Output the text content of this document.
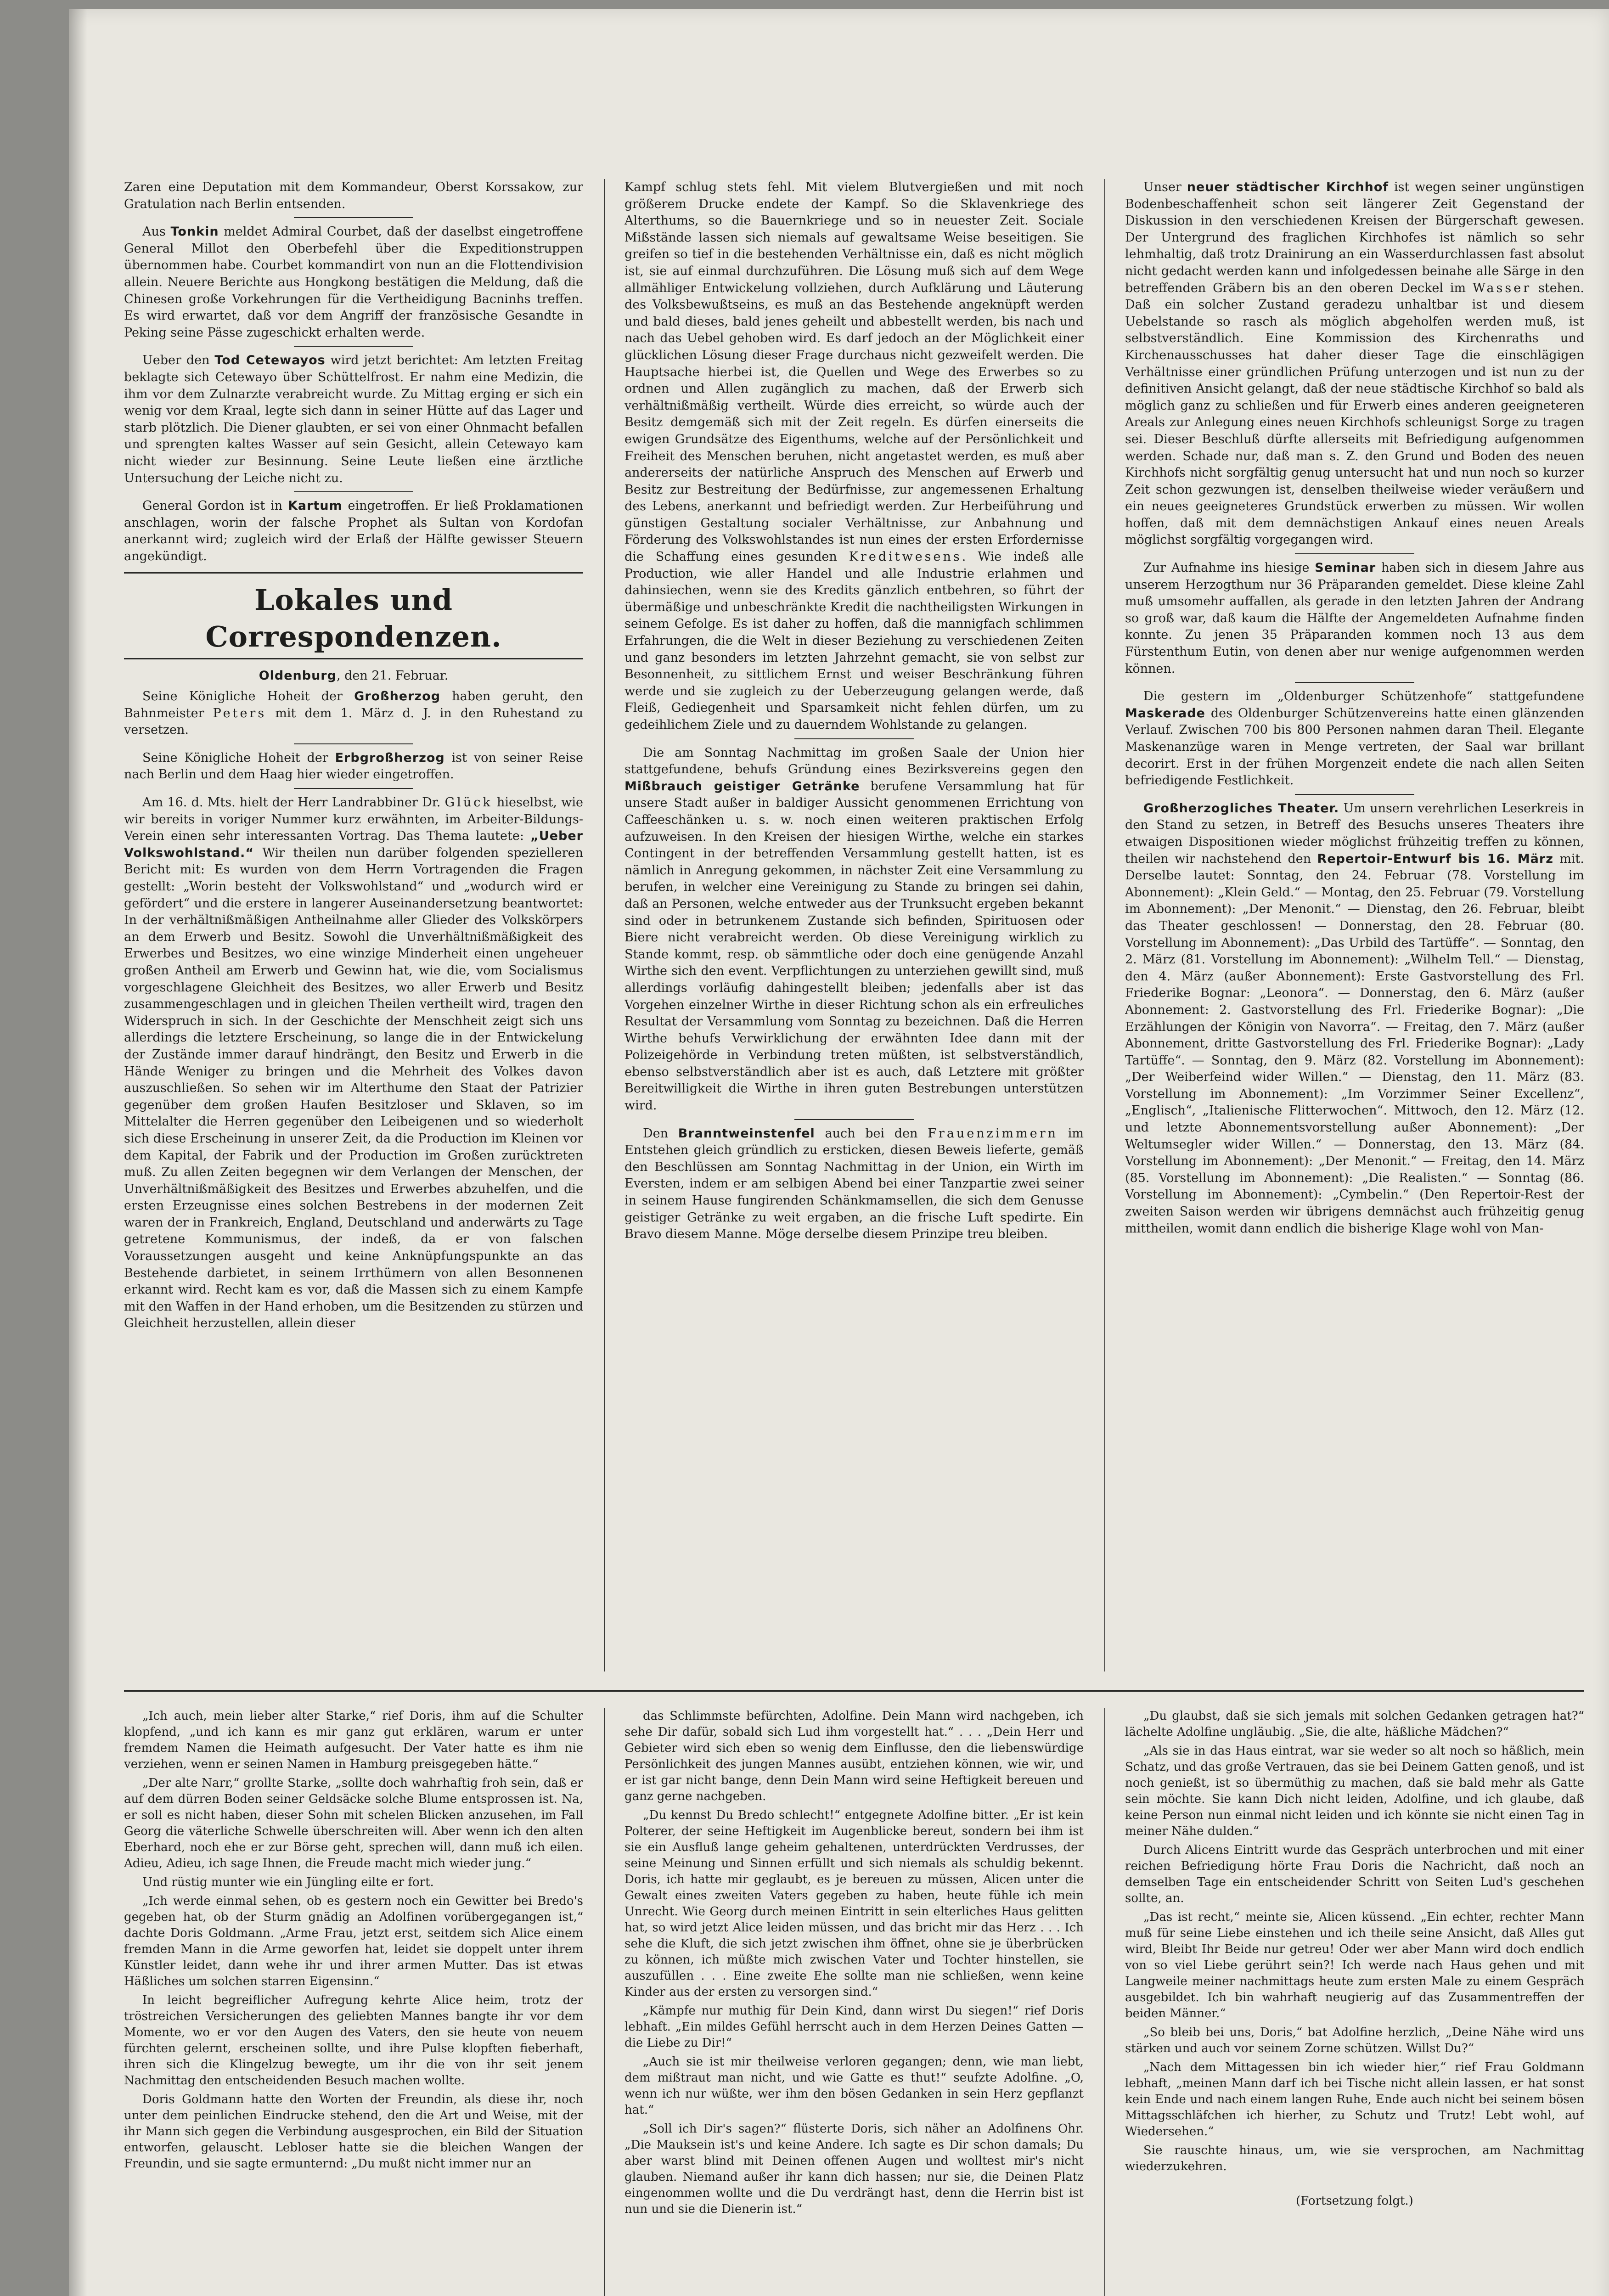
Zaren eine Deputation mit dem Kommandeur, Oberst Korssakow, zur Gratulation nach Berlin entsenden.

Aus Tonkin meldet Admiral Courbet, daß der daselbst eingetroffene General Millot den Oberbefehl über die Expeditionstruppen übernommen habe. Courbet kommandirt von nun an die Flottendivision allein. Neuere Berichte aus Hongkong bestätigen die Meldung, daß die Chinesen große Vorkehrungen für die Vertheidigung Bacninhs treffen. Es wird erwartet, daß vor dem Angriff der französische Gesandte in Peking seine Pässe zugeschickt erhalten werde.

Ueber den Tod Cetewayos wird jetzt berichtet: Am letzten Freitag beklagte sich Cetewayo über Schüttelfrost. Er nahm eine Medizin, die ihm vor dem Zulnarzte verabreicht wurde. Zu Mittag erging er sich ein wenig vor dem Kraal, legte sich dann in seiner Hütte auf das Lager und starb plötzlich. Die Diener glaubten, er sei von einer Ohnmacht befallen und sprengten kaltes Wasser auf sein Gesicht, allein Cetewayo kam nicht wieder zur Besinnung. Seine Leute ließen eine ärztliche Untersuchung der Leiche nicht zu.

General Gordon ist in Kartum eingetroffen. Er ließ Proklamationen anschlagen, worin der falsche Prophet als Sultan von Kordofan anerkannt wird; zugleich wird der Erlaß der Hälfte gewisser Steuern angekündigt.

Lokales und Correspondenzen.

Oldenburg, den 21. Februar.

Seine Königliche Hoheit der Großherzog haben geruht, den Bahnmeister Peters mit dem 1. März d. J. in den Ruhestand zu versetzen.

Seine Königliche Hoheit der Erbgroßherzog ist von seiner Reise nach Berlin und dem Haag hier wieder eingetroffen.

Am 16. d. Mts. hielt der Herr Landrabbiner Dr. Glück hieselbst, wie wir bereits in voriger Nummer kurz erwähnten, im Arbeiter-Bildungs-Verein einen sehr interessanten Vortrag. Das Thema lautete: „Ueber Volkswohlstand.“ Wir theilen nun darüber folgenden spezielleren Bericht mit: Es wurden von dem Herrn Vortragenden die Fragen gestellt: „Worin besteht der Volkswohlstand“ und „wodurch wird er gefördert“ und die erstere in langerer Auseinandersetzung beantwortet: In der verhältnißmäßigen Antheilnahme aller Glieder des Volkskörpers an dem Erwerb und Besitz. Sowohl die Unverhältnißmäßigkeit des Erwerbes und Besitzes, wo eine winzige Minderheit einen ungeheuer großen Antheil am Erwerb und Gewinn hat, wie die, vom Socialismus vorgeschlagene Gleichheit des Besitzes, wo aller Erwerb und Besitz zusammengeschlagen und in gleichen Theilen vertheilt wird, tragen den Widerspruch in sich. In der Geschichte der Menschheit zeigt sich uns allerdings die letztere Erscheinung, so lange die in der Entwickelung der Zustände immer darauf hindrängt, den Besitz und Erwerb in die Hände Weniger zu bringen und die Mehrheit des Volkes davon auszuschließen. So sehen wir im Alterthume den Staat der Patrizier gegenüber dem großen Haufen Besitzloser und Sklaven, so im Mittelalter die Herren gegenüber den Leibeigenen und so wiederholt sich diese Erscheinung in unserer Zeit, da die Production im Kleinen vor dem Kapital, der Fabrik und der Production im Großen zurücktreten muß. Zu allen Zeiten begegnen wir dem Verlangen der Menschen, der Unverhältnißmäßigkeit des Besitzes und Erwerbes abzuhelfen, und die ersten Erzeugnisse eines solchen Bestrebens in der modernen Zeit waren der in Frankreich, England, Deutschland und anderwärts zu Tage getretene Kommunismus, der indeß, da er von falschen Voraussetzungen ausgeht und keine Anknüpfungspunkte an das Bestehende darbietet, in seinem Irrthümern von allen Besonnenen erkannt wird. Recht kam es vor, daß die Massen sich zu einem Kampfe mit den Waffen in der Hand erhoben, um die Besitzenden zu stürzen und Gleichheit herzustellen, allein dieser

Kampf schlug stets fehl. Mit vielem Blutvergießen und mit noch größerem Drucke endete der Kampf. So die Sklavenkriege des Alterthums, so die Bauernkriege und so in neuester Zeit. Sociale Mißstände lassen sich niemals auf gewaltsame Weise beseitigen. Sie greifen so tief in die bestehenden Verhältnisse ein, daß es nicht möglich ist, sie auf einmal durchzuführen. Die Lösung muß sich auf dem Wege allmähliger Entwickelung vollziehen, durch Aufklärung und Läuterung des Volksbewußtseins, es muß an das Bestehende angeknüpft werden und bald dieses, bald jenes geheilt und abbestellt werden, bis nach und nach das Uebel gehoben wird. Es darf jedoch an der Möglichkeit einer glücklichen Lösung dieser Frage durchaus nicht gezweifelt werden. Die Hauptsache hierbei ist, die Quellen und Wege des Erwerbes so zu ordnen und Allen zugänglich zu machen, daß der Erwerb sich verhältnißmäßig vertheilt. Würde dies erreicht, so würde auch der Besitz demgemäß sich mit der Zeit regeln. Es dürfen einerseits die ewigen Grundsätze des Eigenthums, welche auf der Persönlichkeit und Freiheit des Menschen beruhen, nicht angetastet werden, es muß aber andererseits der natürliche Anspruch des Menschen auf Erwerb und Besitz zur Bestreitung der Bedürfnisse, zur angemessenen Erhaltung des Lebens, anerkannt und befriedigt werden. Zur Herbeiführung und günstigen Gestaltung socialer Verhältnisse, zur Anbahnung und Förderung des Volkswohlstandes ist nun eines der ersten Erfordernisse die Schaffung eines gesunden Kreditwesens. Wie indeß alle Production, wie aller Handel und alle Industrie erlahmen und dahinsiechen, wenn sie des Kredits gänzlich entbehren, so führt der übermäßige und unbeschränkte Kredit die nachtheiligsten Wirkungen in seinem Gefolge. Es ist daher zu hoffen, daß die mannigfach schlimmen Erfahrungen, die die Welt in dieser Beziehung zu verschiedenen Zeiten und ganz besonders im letzten Jahrzehnt gemacht, sie von selbst zur Besonnenheit, zu sittlichem Ernst und weiser Beschränkung führen werde und sie zugleich zu der Ueberzeugung gelangen werde, daß Fleiß, Gediegenheit und Sparsamkeit nicht fehlen dürfen, um zu gedeihlichem Ziele und zu dauerndem Wohlstande zu gelangen.

Die am Sonntag Nachmittag im großen Saale der Union hier stattgefundene, behufs Gründung eines Bezirksvereins gegen den Mißbrauch geistiger Getränke berufene Versammlung hat für unsere Stadt außer in baldiger Aussicht genommenen Errichtung von Caffeeschänken u. s. w. noch einen weiteren praktischen Erfolg aufzuweisen. In den Kreisen der hiesigen Wirthe, welche ein starkes Contingent in der betreffenden Versammlung gestellt hatten, ist es nämlich in Anregung gekommen, in nächster Zeit eine Versammlung zu berufen, in welcher eine Vereinigung zu Stande zu bringen sei dahin, daß an Personen, welche entweder aus der Trunksucht ergeben bekannt sind oder in betrunkenem Zustande sich befinden, Spirituosen oder Biere nicht verabreicht werden. Ob diese Vereinigung wirklich zu Stande kommt, resp. ob sämmtliche oder doch eine genügende Anzahl Wirthe sich den event. Verpflichtungen zu unterziehen gewillt sind, muß allerdings vorläufig dahingestellt bleiben; jedenfalls aber ist das Vorgehen einzelner Wirthe in dieser Richtung schon als ein erfreuliches Resultat der Versammlung vom Sonntag zu bezeichnen. Daß die Herren Wirthe behufs Verwirklichung der erwähnten Idee dann mit der Polizeigehörde in Verbindung treten müßten, ist selbstverständlich, ebenso selbstverständlich aber ist es auch, daß Letztere mit größter Bereitwilligkeit die Wirthe in ihren guten Bestrebungen unterstützen wird.

Den Branntweinstenfel auch bei den Frauenzimmern im Entstehen gleich gründlich zu ersticken, diesen Beweis lieferte, gemäß den Beschlüssen am Sonntag Nachmittag in der Union, ein Wirth im Eversten, indem er am selbigen Abend bei einer Tanzpartie zwei seiner in seinem Hause fungirenden Schänkmamsellen, die sich dem Genusse geistiger Getränke zu weit ergaben, an die frische Luft spedirte. Ein Bravo diesem Manne. Möge derselbe diesem Prinzipe treu bleiben.

Unser neuer städtischer Kirchhof ist wegen seiner ungünstigen Bodenbeschaffenheit schon seit längerer Zeit Gegenstand der Diskussion in den verschiedenen Kreisen der Bürgerschaft gewesen. Der Untergrund des fraglichen Kirchhofes ist nämlich so sehr lehmhaltig, daß trotz Drainirung an ein Wasserdurchlassen fast absolut nicht gedacht werden kann und infolgedessen beinahe alle Särge in den betreffenden Gräbern bis an den oberen Deckel im Wasser stehen. Daß ein solcher Zustand geradezu unhaltbar ist und diesem Uebelstande so rasch als möglich abgeholfen werden muß, ist selbstverständlich. Eine Kommission des Kirchenraths und Kirchenausschusses hat daher dieser Tage die einschlägigen Verhältnisse einer gründlichen Prüfung unterzogen und ist nun zu der definitiven Ansicht gelangt, daß der neue städtische Kirchhof so bald als möglich ganz zu schließen und für Erwerb eines anderen geeigneteren Areals zur Anlegung eines neuen Kirchhofs schleunigst Sorge zu tragen sei. Dieser Beschluß dürfte allerseits mit Befriedigung aufgenommen werden. Schade nur, daß man s. Z. den Grund und Boden des neuen Kirchhofs nicht sorgfältig genug untersucht hat und nun noch so kurzer Zeit schon gezwungen ist, denselben theilweise wieder veräußern und ein neues geeigneteres Grundstück erwerben zu müssen. Wir wollen hoffen, daß mit dem demnächstigen Ankauf eines neuen Areals möglichst sorgfältig vorgegangen wird.

Zur Aufnahme ins hiesige Seminar haben sich in diesem Jahre aus unserem Herzogthum nur 36 Präparanden gemeldet. Diese kleine Zahl muß umsomehr auffallen, als gerade in den letzten Jahren der Andrang so groß war, daß kaum die Hälfte der Angemeldeten Aufnahme finden konnte. Zu jenen 35 Präparanden kommen noch 13 aus dem Fürstenthum Eutin, von denen aber nur wenige aufgenommen werden können.

Die gestern im „Oldenburger Schützenhofe“ stattgefundene Maskerade des Oldenburger Schützenvereins hatte einen glänzenden Verlauf. Zwischen 700 bis 800 Personen nahmen daran Theil. Elegante Maskenanzüge waren in Menge vertreten, der Saal war brillant decorirt. Erst in der frühen Morgenzeit endete die nach allen Seiten befriedigende Festlichkeit.

Großherzogliches Theater. Um unsern verehrlichen Leserkreis in den Stand zu setzen, in Betreff des Besuchs unseres Theaters ihre etwaigen Dispositionen wieder möglichst frühzeitig treffen zu können, theilen wir nachstehend den Repertoir-Entwurf bis 16. März mit. Derselbe lautet: Sonntag, den 24. Februar (78. Vorstellung im Abonnement): „Klein Geld.“ — Montag, den 25. Februar (79. Vorstellung im Abonnement): „Der Menonit.“ — Dienstag, den 26. Februar, bleibt das Theater geschlossen! — Donnerstag, den 28. Februar (80. Vorstellung im Abonnement): „Das Urbild des Tartüffe“. — Sonntag, den 2. März (81. Vorstellung im Abonnement): „Wilhelm Tell.“ — Dienstag, den 4. März (außer Abonnement): Erste Gastvorstellung des Frl. Friederike Bognar: „Leonora“. — Donnerstag, den 6. März (außer Abonnement: 2. Gastvorstellung des Frl. Friederike Bognar): „Die Erzählungen der Königin von Navorra“. — Freitag, den 7. März (außer Abonnement, dritte Gastvorstellung des Frl. Friederike Bognar): „Lady Tartüffe“. — Sonntag, den 9. März (82. Vorstellung im Abonnement): „Der Weiberfeind wider Willen.“ — Dienstag, den 11. März (83. Vorstellung im Abonnement): „Im Vorzimmer Seiner Excellenz“, „Englisch“, „Italienische Flitterwochen“. Mittwoch, den 12. März (12. und letzte Abonnementsvorstellung außer Abonnement): „Der Weltumsegler wider Willen.“ — Donnerstag, den 13. März (84. Vorstellung im Abonnement): „Der Menonit.“ — Freitag, den 14. März (85. Vorstellung im Abonnement): „Die Realisten.“ — Sonntag (86. Vorstellung im Abonnement): „Cymbelin.“ (Den Repertoir-Rest der zweiten Saison werden wir übrigens demnächst auch frühzeitig genug mittheilen, womit dann endlich die bisherige Klage wohl von Man-

„Ich auch, mein lieber alter Starke,“ rief Doris, ihm auf die Schulter klopfend, „und ich kann es mir ganz gut erklären, warum er unter fremdem Namen die Heimath aufgesucht. Der Vater hatte es ihm nie verziehen, wenn er seinen Namen in Hamburg preisgegeben hätte.“

„Der alte Narr,“ grollte Starke, „sollte doch wahrhaftig froh sein, daß er auf dem dürren Boden seiner Geldsäcke solche Blume entsprossen ist. Na, er soll es nicht haben, dieser Sohn mit schelen Blicken anzusehen, im Fall Georg die väterliche Schwelle überschreiten will. Aber wenn ich den alten Eberhard, noch ehe er zur Börse geht, sprechen will, dann muß ich eilen. Adieu, Adieu, ich sage Ihnen, die Freude macht mich wieder jung.“

Und rüstig munter wie ein Jüngling eilte er fort.

„Ich werde einmal sehen, ob es gestern noch ein Gewitter bei Bredo's gegeben hat, ob der Sturm gnädig an Adolfinen vorübergegangen ist,“ dachte Doris Goldmann. „Arme Frau, jetzt erst, seitdem sich Alice einem fremden Mann in die Arme geworfen hat, leidet sie doppelt unter ihrem Künstler leidet, dann wehe ihr und ihrer armen Mutter. Das ist etwas Häßliches um solchen starren Eigensinn.“

In leicht begreiflicher Aufregung kehrte Alice heim, trotz der tröstreichen Versicherungen des geliebten Mannes bangte ihr vor dem Momente, wo er vor den Augen des Vaters, den sie heute von neuem fürchten gelernt, erscheinen sollte, und ihre Pulse klopften fieberhaft, ihren sich die Klingelzug bewegte, um ihr die von ihr seit jenem Nachmittag den entscheidenden Besuch machen wollte.

Doris Goldmann hatte den Worten der Freundin, als diese ihr, noch unter dem peinlichen Eindrucke stehend, den die Art und Weise, mit der ihr Mann sich gegen die Verbindung ausgesprochen, ein Bild der Situation entworfen, gelauscht. Lebloser hatte sie die bleichen Wangen der Freundin, und sie sagte ermunternd: „Du mußt nicht immer nur an

das Schlimmste befürchten, Adolfine. Dein Mann wird nachgeben, ich sehe Dir dafür, sobald sich Lud ihm vorgestellt hat.“ . . . „Dein Herr und Gebieter wird sich eben so wenig dem Einflusse, den die liebenswürdige Persönlichkeit des jungen Mannes ausübt, entziehen können, wie wir, und er ist gar nicht bange, denn Dein Mann wird seine Heftigkeit bereuen und ganz gerne nachgeben.

„Du kennst Du Bredo schlecht!“ entgegnete Adolfine bitter. „Er ist kein Polterer, der seine Heftigkeit im Augenblicke bereut, sondern bei ihm ist sie ein Ausfluß lange geheim gehaltenen, unterdrückten Verdrusses, der seine Meinung und Sinnen erfüllt und sich niemals als schuldig bekennt. Doris, ich hatte mir geglaubt, es je bereuen zu müssen, Alicen unter die Gewalt eines zweiten Vaters gegeben zu haben, heute fühle ich mein Unrecht. Wie Georg durch meinen Eintritt in sein elterliches Haus gelitten hat, so wird jetzt Alice leiden müssen, und das bricht mir das Herz . . . Ich sehe die Kluft, die sich jetzt zwischen ihm öffnet, ohne sie je überbrücken zu können, ich müßte mich zwischen Vater und Tochter hinstellen, sie auszufüllen . . . Eine zweite Ehe sollte man nie schließen, wenn keine Kinder aus der ersten zu versorgen sind.“

„Kämpfe nur muthig für Dein Kind, dann wirst Du siegen!“ rief Doris lebhaft. „Ein mildes Gefühl herrscht auch in dem Herzen Deines Gatten — die Liebe zu Dir!“

„Auch sie ist mir theilweise verloren gegangen; denn, wie man liebt, dem mißtraut man nicht, und wie Gatte es thut!“ seufzte Adolfine. „O, wenn ich nur wüßte, wer ihm den bösen Gedanken in sein Herz gepflanzt hat.“

„Soll ich Dir's sagen?“ flüsterte Doris, sich näher an Adolfinens Ohr. „Die Mauksein ist's und keine Andere. Ich sagte es Dir schon damals; Du aber warst blind mit Deinen offenen Augen und wolltest mir's nicht glauben. Niemand außer ihr kann dich hassen; nur sie, die Deinen Platz eingenommen wollte und die Du verdrängt hast, denn die Herrin bist ist nun und sie die Dienerin ist.“

„Du glaubst, daß sie sich jemals mit solchen Gedanken getragen hat?“ lächelte Adolfine ungläubig. „Sie, die alte, häßliche Mädchen?“

„Als sie in das Haus eintrat, war sie weder so alt noch so häßlich, mein Schatz, und das große Vertrauen, das sie bei Deinem Gatten genoß, und ist noch genießt, ist so übermüthig zu machen, daß sie bald mehr als Gatte sein möchte. Sie kann Dich nicht leiden, Adolfine, und ich glaube, daß keine Person nun einmal nicht leiden und ich könnte sie nicht einen Tag in meiner Nähe dulden.“

Durch Alicens Eintritt wurde das Gespräch unterbrochen und mit einer reichen Befriedigung hörte Frau Doris die Nachricht, daß noch an demselben Tage ein entscheidender Schritt von Seiten Lud's geschehen sollte, an.

„Das ist recht,“ meinte sie, Alicen küssend. „Ein echter, rechter Mann muß für seine Liebe einstehen und ich theile seine Ansicht, daß Alles gut wird, Bleibt Ihr Beide nur getreu! Oder wer aber Mann wird doch endlich von so viel Liebe gerührt sein?! Ich werde nach Haus gehen und mit Langweile meiner nachmittags heute zum ersten Male zu einem Gespräch ausgebildet. Ich bin wahrhaft neugierig auf das Zusammentreffen der beiden Männer.“

„So bleib bei uns, Doris,“ bat Adolfine herzlich, „Deine Nähe wird uns stärken und auch vor seinem Zorne schützen. Willst Du?“

„Nach dem Mittagessen bin ich wieder hier,“ rief Frau Goldmann lebhaft, „meinen Mann darf ich bei Tische nicht allein lassen, er hat sonst kein Ende und nach einem langen Ruhe, Ende auch nicht bei seinem bösen Mittagsschläfchen ich hierher, zu Schutz und Trutz! Lebt wohl, auf Wiedersehen.“

Sie rauschte hinaus, um, wie sie versprochen, am Nachmittag wiederzukehren.

(Fortsetzung folgt.)
